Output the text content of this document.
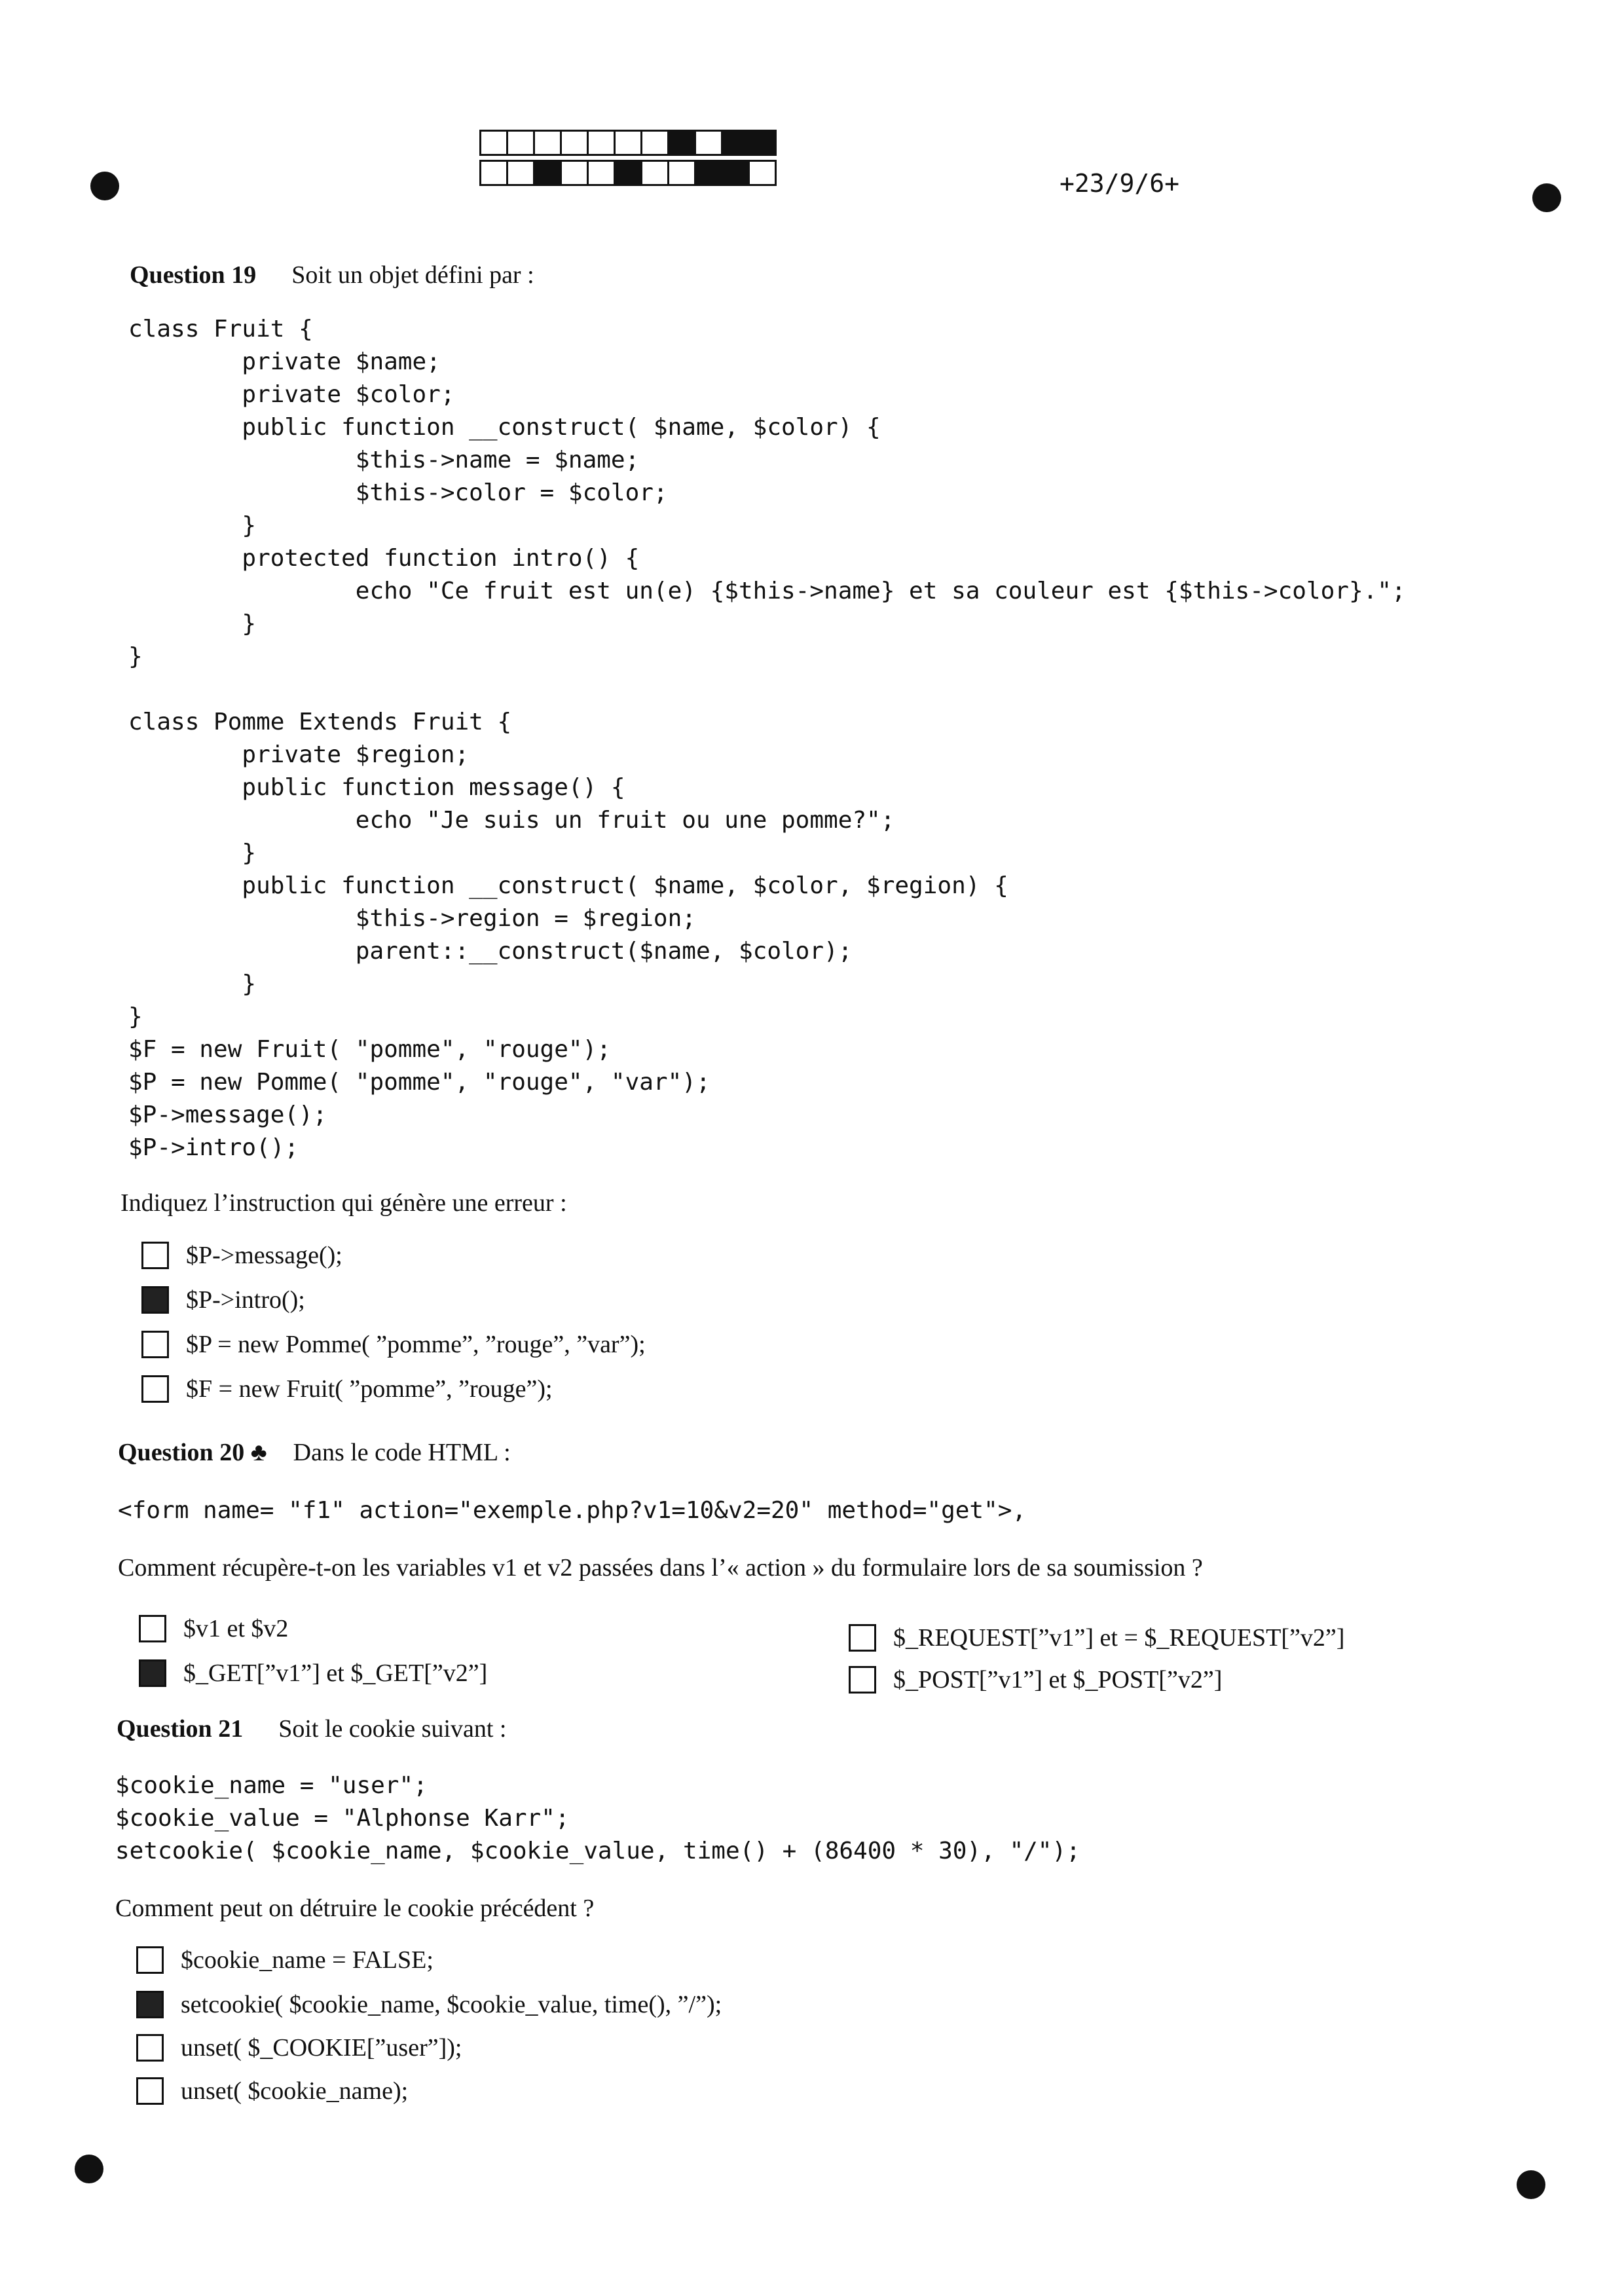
+23/9/6+
Question 19 Soit un objet défini par :
class Fruit {
private $name;
private $color;
public function __construct( $name, $color) {
$this->name = $name;
$this->color = $color;
}
protected function intro() {
echo "Ce fruit est un(e) {$this->name} et sa couleur est {$this->color}.";
}
}

class Pomme Extends Fruit {
private $region;
public function message() {
echo "Je suis un fruit ou une pomme?";
}
public function __construct( $name, $color, $region) {
$this->region = $region;
parent::__construct($name, $color);
}
}
$F = new Fruit( "pomme", "rouge");
$P = new Pomme( "pomme", "rouge", "var");
$P->message();
$P->intro();
Indiquez l’instruction qui génère une erreur :
$P->message();
$P->intro();
$P = new Pomme( ”pomme”, ”rouge”, ”var”);
$F = new Fruit( ”pomme”, ”rouge”);
Question 20 ♣ Dans le code HTML :
<form name= "f1" action="exemple.php?v1=10&v2=20" method="get">,
Comment récupère-t-on les variables v1 et v2 passées dans l’« action » du formulaire lors de sa soumission ?
$v1 et $v2
$_GET[”v1”] et $_GET[”v2”]
$_REQUEST[”v1”] et = $_REQUEST[”v2”]
$_POST[”v1”] et $_POST[”v2”]
Question 21 Soit le cookie suivant :
$cookie_name = "user";
$cookie_value = "Alphonse Karr";
setcookie( $cookie_name, $cookie_value, time() + (86400 * 30), "/");
Comment peut on détruire le cookie précédent ?
$cookie_name = FALSE;
setcookie( $cookie_name, $cookie_value, time(), ”/”);
unset( $_COOKIE[”user”]);
unset( $cookie_name);
